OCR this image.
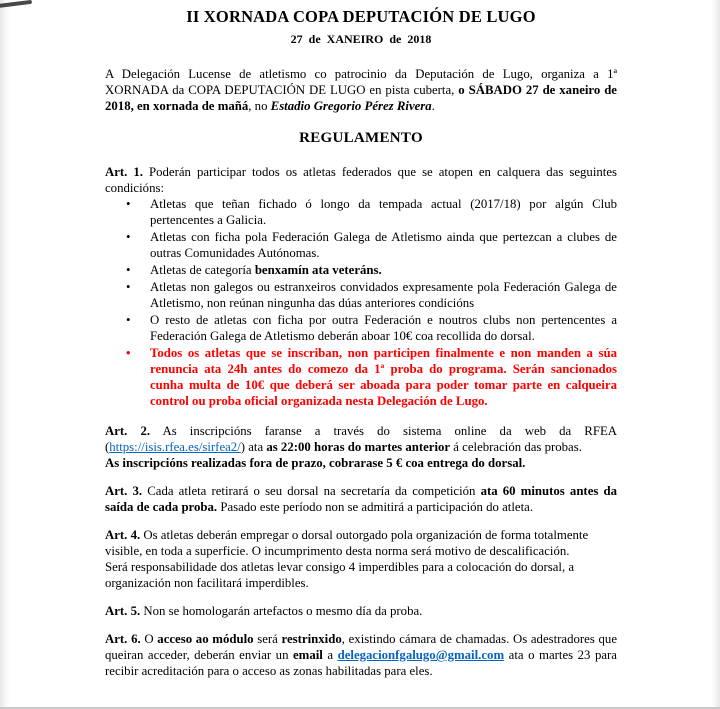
II XORNADA COPA DEPUTACIÓN DE LUGO
27 de XANEIRO de 2018

A Delegación Lucense de atletismo co patrocinio da Deputación de Lugo, organiza a 1ª XORNADA da COPA DEPUTACIÓN DE LUGO en pista cuberta, o SÁBADO 27 de xaneiro de 2018, en xornada de mañá, no Estadio Gregorio Pérez Rivera.

REGULAMENTO

Art. 1. Poderán participar todos os atletas federados que se atopen en calquera das seguintes condicións:

• Atletas que teñan fichado ó longo da tempada actual (2017/18) por algún Club pertencentes a Galicia.
• Atletas con ficha pola Federación Galega de Atletismo ainda que pertezcan a clubes de outras Comunidades Autónomas.
• Atletas de categoría benxamín ata veteráns.
• Atletas non galegos ou estranxeiros convidados expresamente pola Federación Galega de Atletismo, non reúnan ningunha das dúas anteriores condicións
• O resto de atletas con ficha por outra Federación e noutros clubs non pertencentes a Federación Galega de Atletismo deberán aboar 10€ coa recollida do dorsal.
• Todos os atletas que se inscriban, non participen finalmente e non manden a súa renuncia ata 24h antes do comezo da 1ª proba do programa. Serán sancionados cunha multa de 10€ que deberá ser aboada para poder tomar parte en calqueira control ou proba oficial organizada nesta Delegación de Lugo.

Art. 2. As inscripcións faranse a través do sistema online da web da RFEA (https://isis.rfea.es/sirfea2/) ata as 22:00 horas do martes anterior á celebración das probas.
As inscripcións realizadas fora de prazo, cobrarase 5 € coa entrega do dorsal.

Art. 3. Cada atleta retirará o seu dorsal na secretaría da competición ata 60 minutos antes da saída de cada proba. Pasado este período non se admitirá a participación do atleta.

Art. 4. Os atletas deberán empregar o dorsal outorgado pola organización de forma totalmente visible, en toda a superficie. O incumprimento desta norma será motivo de descalificación.
Será responsabilidade dos atletas levar consigo 4 imperdibles para a colocación do dorsal, a organización non facilitará imperdibles.

Art. 5. Non se homologarán artefactos o mesmo día da proba.

Art. 6. O acceso ao módulo será restrinxido, existindo cámara de chamadas. Os adestradores que queiran acceder, deberán enviar un email a delegacionfgalugo@gmail.com ata o martes 23 para recibir acreditación para o acceso as zonas habilitadas para eles.
